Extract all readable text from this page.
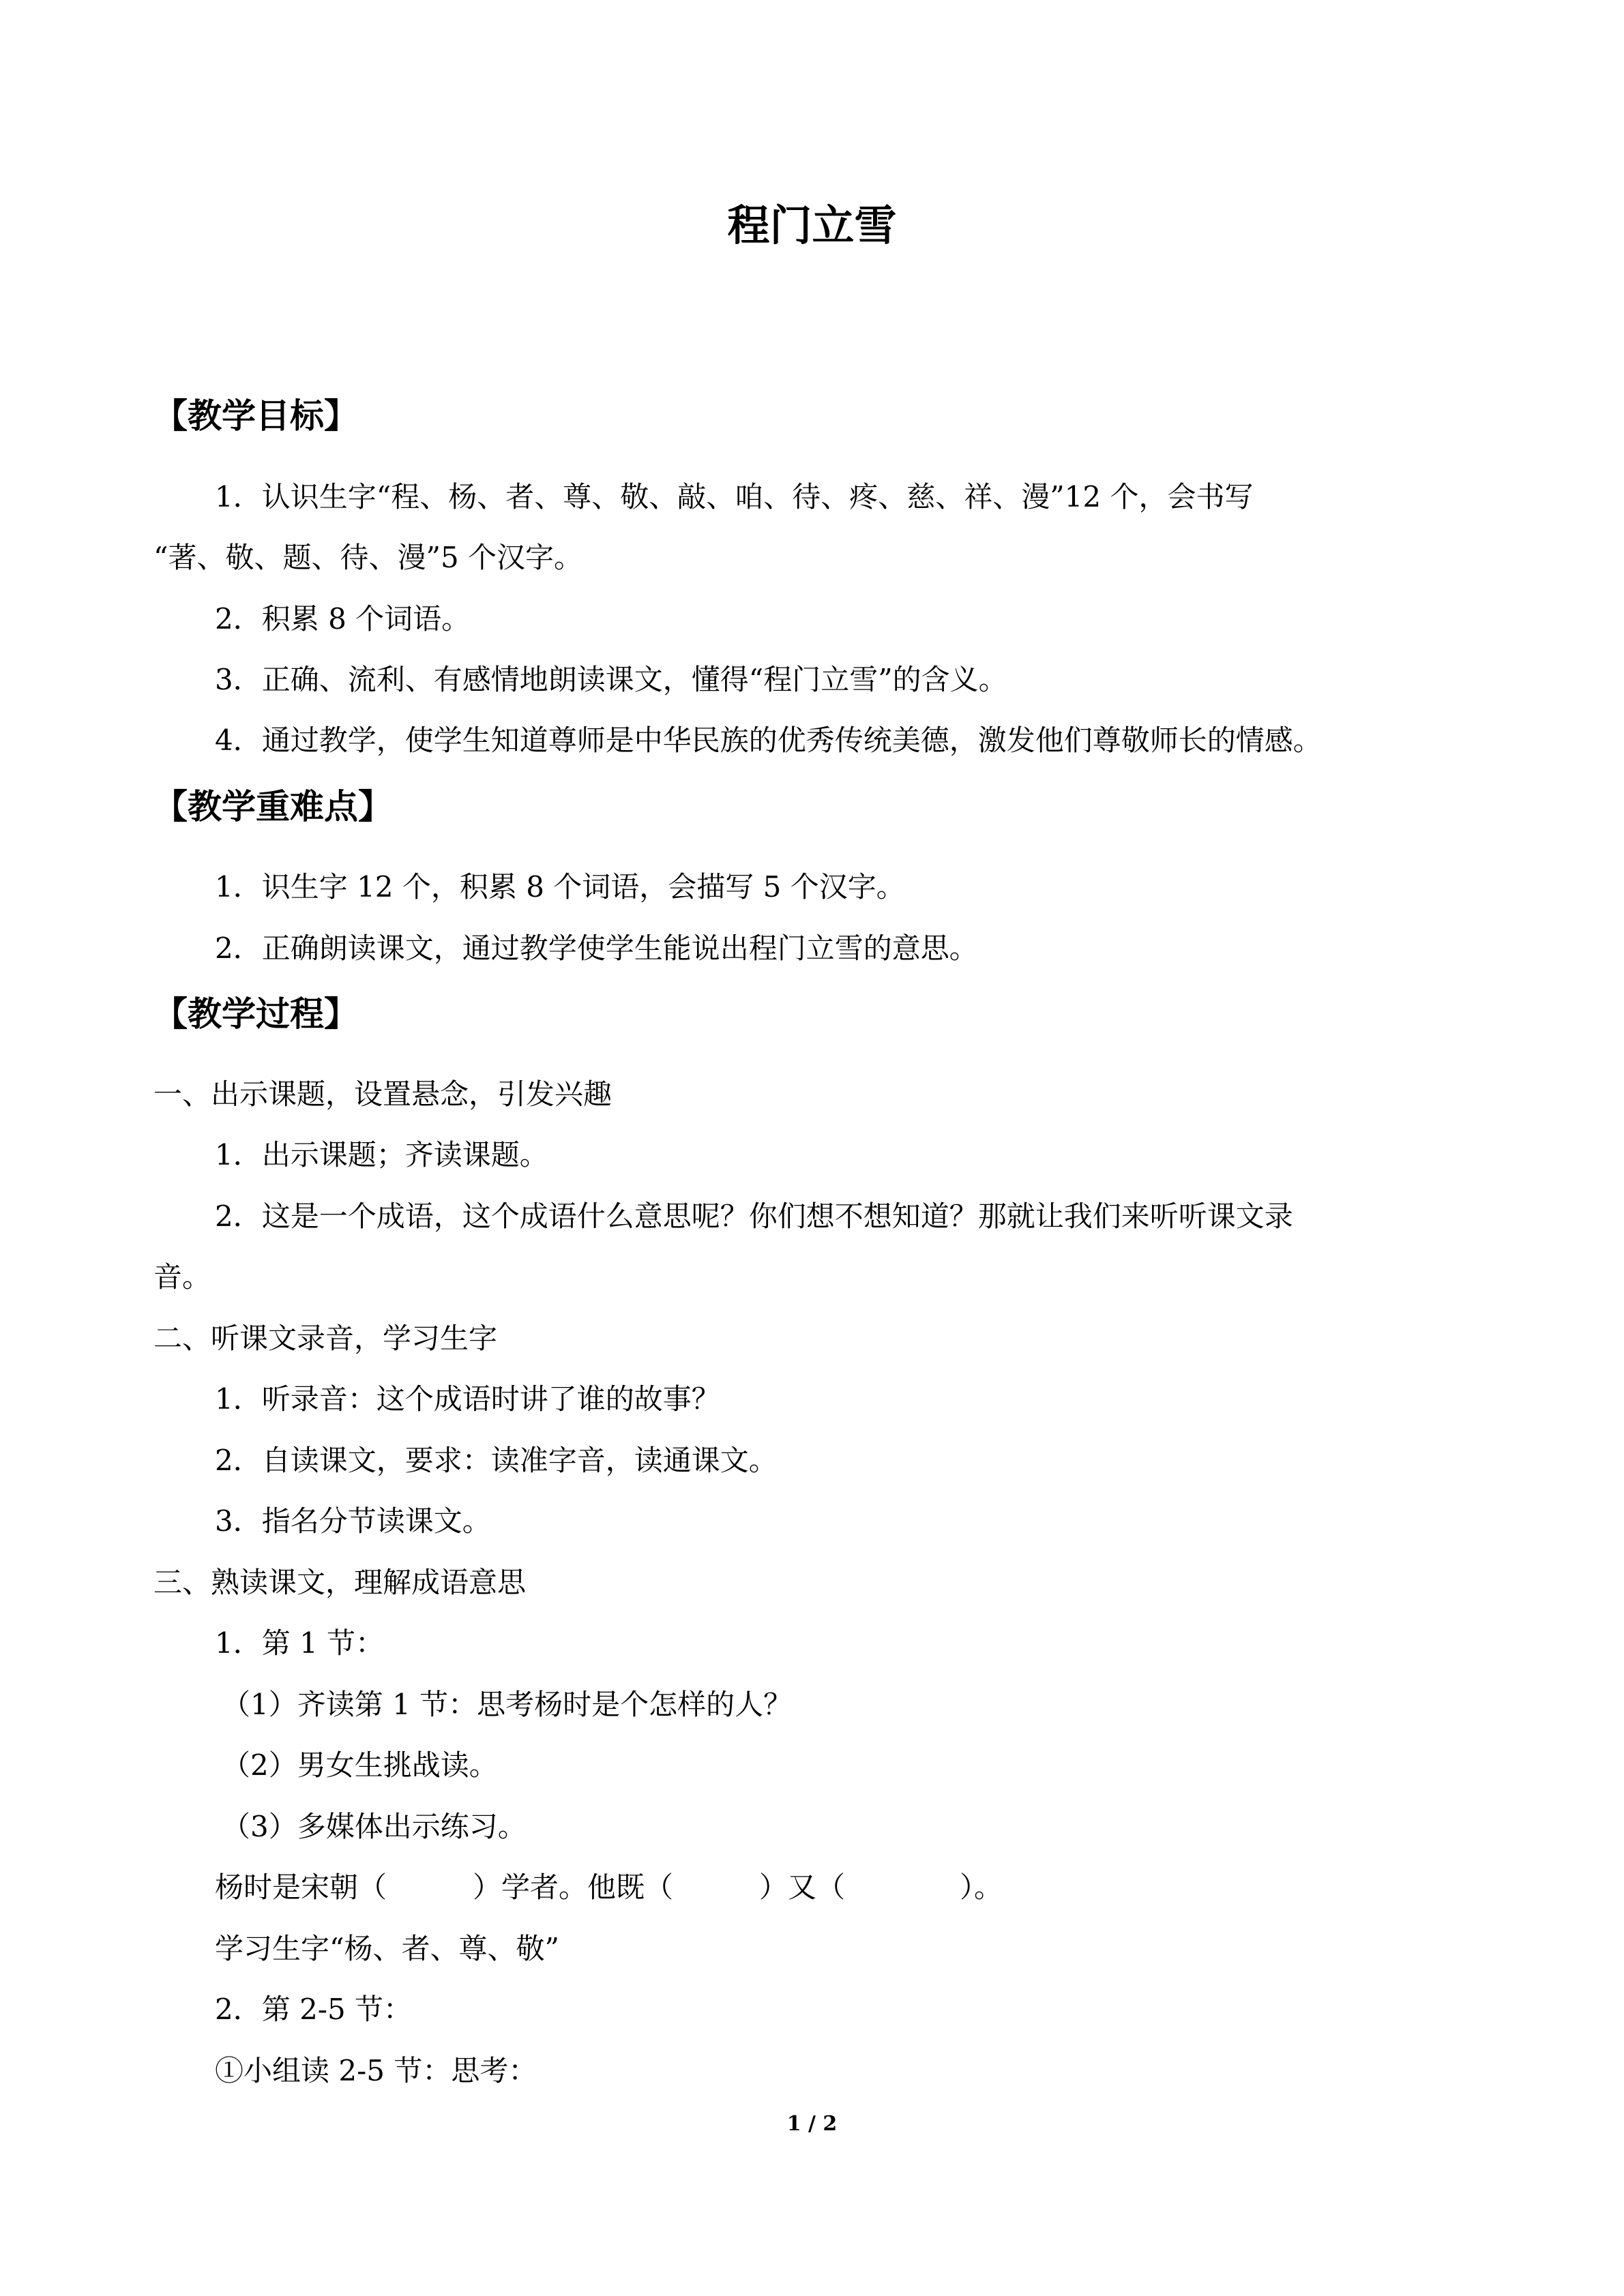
程门立雪
【教学目标】
1．认识生字“程、杨、者、尊、敬、敲、咱、待、疼、慈、祥、漫”12 个，会书写
“著、敬、题、待、漫”5 个汉字。
2．积累 8 个词语。
3．正确、流利、有感情地朗读课文，懂得“程门立雪”的含义。
4．通过教学，使学生知道尊师是中华民族的优秀传统美德，激发他们尊敬师长的情感。
【教学重难点】
1．识生字 12 个，积累 8 个词语，会描写 5 个汉字。
2．正确朗读课文，通过教学使学生能说出程门立雪的意思。
【教学过程】
一、出示课题，设置悬念，引发兴趣
1．出示课题；齐读课题。
2．这是一个成语，这个成语什么意思呢？你们想不想知道？那就让我们来听听课文录
音。
二、听课文录音，学习生字
1．听录音：这个成语时讲了谁的故事？
2．自读课文，要求：读准字音，读通课文。
3．指名分节读课文。
三、熟读课文，理解成语意思
1．第 1 节：
（1）齐读第 1 节：思考杨时是个怎样的人？
（2）男女生挑战读。
（3）多媒体出示练习。
杨时是宋朝（　　　）学者。他既（　　　）又（　　　　）。
学习生字“杨、者、尊、敬”
2．第 2-5 节：
①小组读 2-5 节：思考：
1 / 2
